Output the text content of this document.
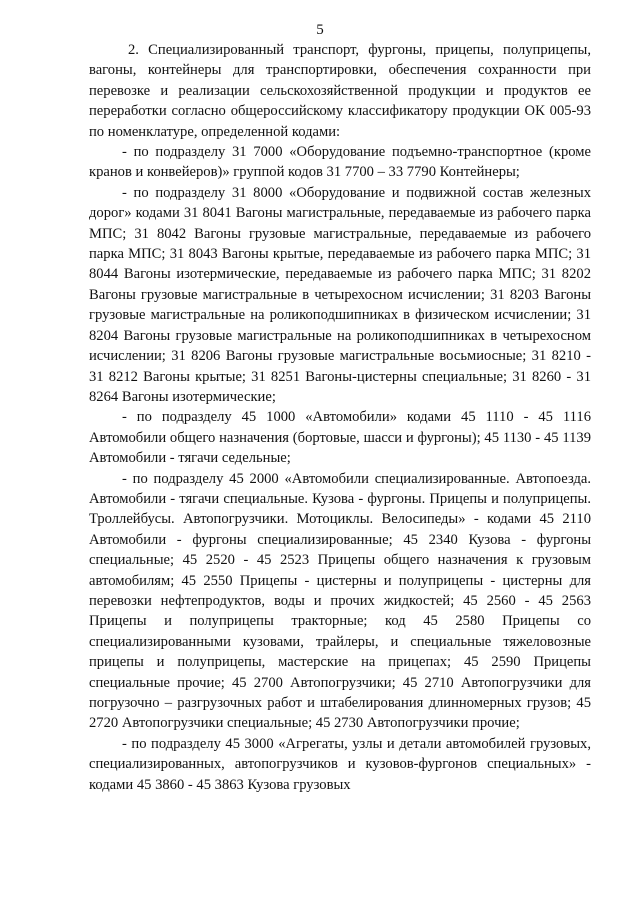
5

2. Специализированный транспорт, фургоны, прицепы, полуприцепы, вагоны, контейнеры для транспортировки, обеспечения сохранности при перевозке и реализации сельскохозяйственной продукции и продуктов ее переработки согласно общероссийскому классификатору продукции ОК 005-93 по номенклатуре, определенной кодами:

- по подразделу 31 7000 «Оборудование подъемно-транспортное (кроме кранов и конвейеров)» группой кодов 31 7700 – 33 7790 Контейнеры;

- по подразделу 31 8000 «Оборудование и подвижной состав железных дорог» кодами 31 8041 Вагоны магистральные, передаваемые из рабочего парка МПС; 31 8042 Вагоны грузовые магистральные, передаваемые из рабочего парка МПС; 31 8043 Вагоны крытые, передаваемые из рабочего парка МПС; 31 8044 Вагоны изотермические, передаваемые из рабочего парка МПС; 31 8202 Вагоны грузовые магистральные в четырехосном исчислении; 31 8203 Вагоны грузовые магистральные на роликоподшипниках в физическом исчислении; 31 8204 Вагоны грузовые магистральные на роликоподшипниках в четырехосном исчислении; 31 8206 Вагоны грузовые магистральные восьмиосные; 31 8210 - 31 8212 Вагоны крытые; 31 8251 Вагоны-цистерны специальные; 31 8260 - 31 8264 Вагоны изотермические;

- по подразделу 45 1000 «Автомобили» кодами 45 1110 - 45 1116 Автомобили общего назначения (бортовые, шасси и фургоны); 45 1130 - 45 1139 Автомобили - тягачи седельные;

- по подразделу 45 2000 «Автомобили специализированные. Автопоезда. Автомобили - тягачи специальные. Кузова - фургоны. Прицепы и полуприцепы. Троллейбусы. Автопогрузчики. Мотоциклы. Велосипеды» - кодами 45 2110 Автомобили - фургоны специализированные; 45 2340 Кузова - фургоны специальные; 45 2520 - 45 2523 Прицепы общего назначения к грузовым автомобилям; 45 2550 Прицепы - цистерны и полуприцепы - цистерны для перевозки нефтепродуктов, воды и прочих жидкостей; 45 2560 - 45 2563 Прицепы и полуприцепы тракторные; код 45 2580 Прицепы со специализированными кузовами, трайлеры, и специальные тяжеловозные прицепы и полуприцепы, мастерские на прицепах; 45 2590 Прицепы специальные прочие; 45 2700 Автопогрузчики; 45 2710 Автопогрузчики для погрузочно – разгрузочных работ и штабелирования длинномерных грузов; 45 2720 Автопогрузчики специальные; 45 2730 Автопогрузчики прочие;

- по подразделу 45 3000 «Агрегаты, узлы и детали автомобилей грузовых, специализированных, автопогрузчиков и кузовов-фургонов специальных» - кодами 45 3860 - 45 3863 Кузова грузовых
